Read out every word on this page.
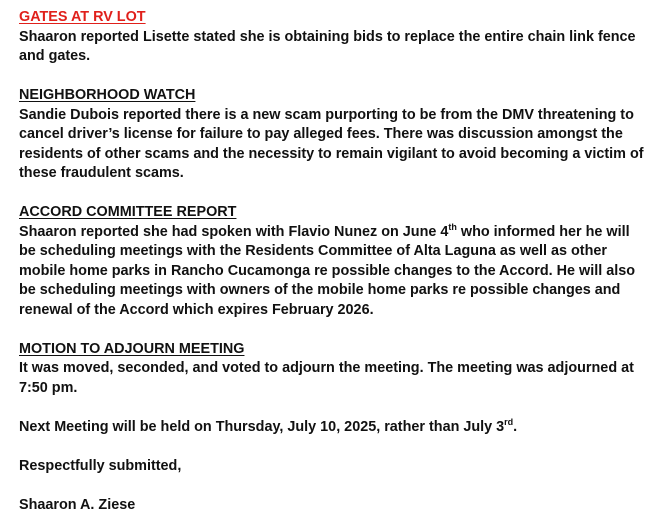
GATES AT RV LOT

Shaaron reported Lisette stated she is obtaining bids to replace the entire chain link fence and gates.

NEIGHBORHOOD WATCH

Sandie Dubois reported there is a new scam purporting to be from the DMV threatening to cancel driver’s license for failure to pay alleged fees. There was discussion amongst the residents of other scams and the necessity to remain vigilant to avoid becoming a victim of these fraudulent scams.

ACCORD COMMITTEE REPORT

Shaaron reported she had spoken with Flavio Nunez on June 4th who informed her he will be scheduling meetings with the Residents Committee of Alta Laguna as well as other mobile home parks in Rancho Cucamonga re possible changes to the Accord. He will also be scheduling meetings with owners of the mobile home parks re possible changes and renewal of the Accord which expires February 2026.

MOTION TO ADJOURN MEETING

It was moved, seconded, and voted to adjourn the meeting. The meeting was adjourned at 7:50 pm.

Next Meeting will be held on Thursday, July 10, 2025, rather than July 3rd.

Respectfully submitted,

Shaaron A. Ziese
